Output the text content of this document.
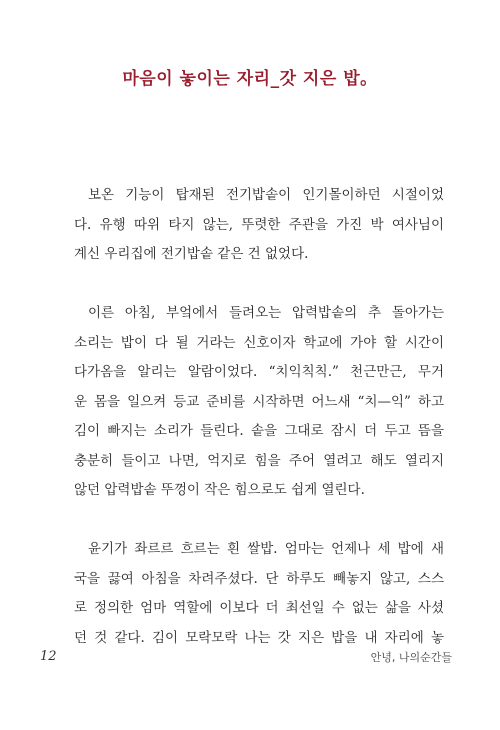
마음이 놓이는 자리_갓 지은 밥。

보온 기능이 탑재된 전기밥솥이 인기몰이하던 시절이었
다. 유행 따위 타지 않는, 뚜렷한 주관을 가진 박 여사님이
계신 우리집에 전기밥솥 같은 건 없었다.

이른 아침, 부엌에서 들려오는 압력밥솥의 추 돌아가는
소리는 밥이 다 될 거라는 신호이자 학교에 가야 할 시간이
다가옴을 알리는 알람이었다. “치익칙칙.” 천근만근, 무거
운 몸을 일으켜 등교 준비를 시작하면 어느새 “치—익” 하고
김이 빠지는 소리가 들린다. 솥을 그대로 잠시 더 두고 뜸을
충분히 들이고 나면, 억지로 힘을 주어 열려고 해도 열리지
않던 압력밥솥 뚜껑이 작은 힘으로도 쉽게 열린다.

윤기가 좌르르 흐르는 흰 쌀밥. 엄마는 언제나 세 밥에 새
국을 끓여 아침을 차려주셨다. 단 하루도 빼놓지 않고, 스스
로 정의한 엄마 역할에 이보다 더 최선일 수 없는 삶을 사셨
던 것 같다. 김이 모락모락 나는 갓 지은 밥을 내 자리에 놓

12	안녕, 나의순간들
